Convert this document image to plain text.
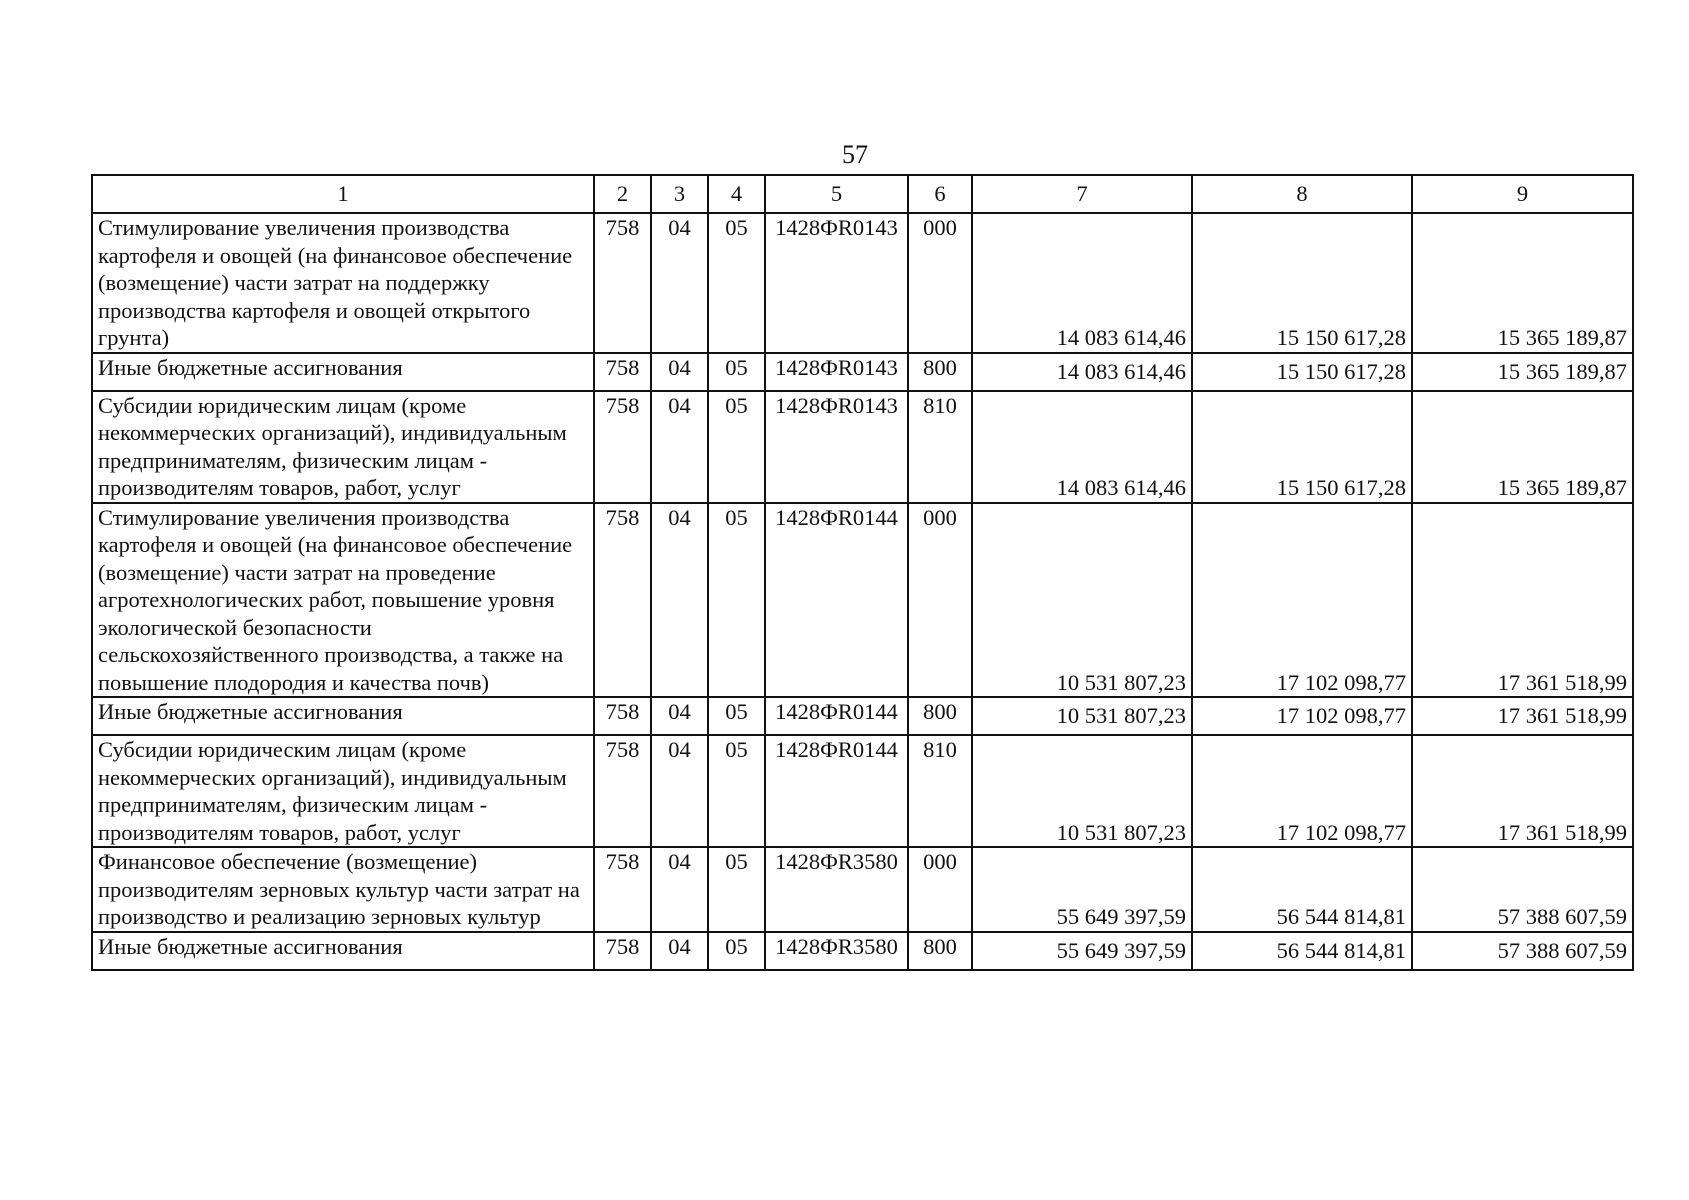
57
1	2	3	4	5	6	7	8	9
Стимулирование увеличения производства картофеля и овощей (на финансовое обеспечение (возмещение) части затрат на поддержку производства картофеля и овощей открытого грунта)	758	04	05	1428ФR0143	000	14 083 614,46	15 150 617,28	15 365 189,87
Иные бюджетные ассигнования	758	04	05	1428ФR0143	800	14 083 614,46	15 150 617,28	15 365 189,87
Субсидии юридическим лицам (кроме некоммерческих организаций), индивидуальным предпринимателям, физическим лицам - производителям товаров, работ, услуг	758	04	05	1428ФR0143	810	14 083 614,46	15 150 617,28	15 365 189,87
Стимулирование увеличения производства картофеля и овощей (на финансовое обеспечение (возмещение) части затрат на проведение агротехнологических работ, повышение уровня экологической безопасности сельскохозяйственного производства, а также на повышение плодородия и качества почв)	758	04	05	1428ФR0144	000	10 531 807,23	17 102 098,77	17 361 518,99
Иные бюджетные ассигнования	758	04	05	1428ФR0144	800	10 531 807,23	17 102 098,77	17 361 518,99
Субсидии юридическим лицам (кроме некоммерческих организаций), индивидуальным предпринимателям, физическим лицам - производителям товаров, работ, услуг	758	04	05	1428ФR0144	810	10 531 807,23	17 102 098,77	17 361 518,99
Финансовое обеспечение (возмещение) производителям зерновых культур части затрат на производство и реализацию зерновых культур	758	04	05	1428ФR3580	000	55 649 397,59	56 544 814,81	57 388 607,59
Иные бюджетные ассигнования	758	04	05	1428ФR3580	800	55 649 397,59	56 544 814,81	57 388 607,59
